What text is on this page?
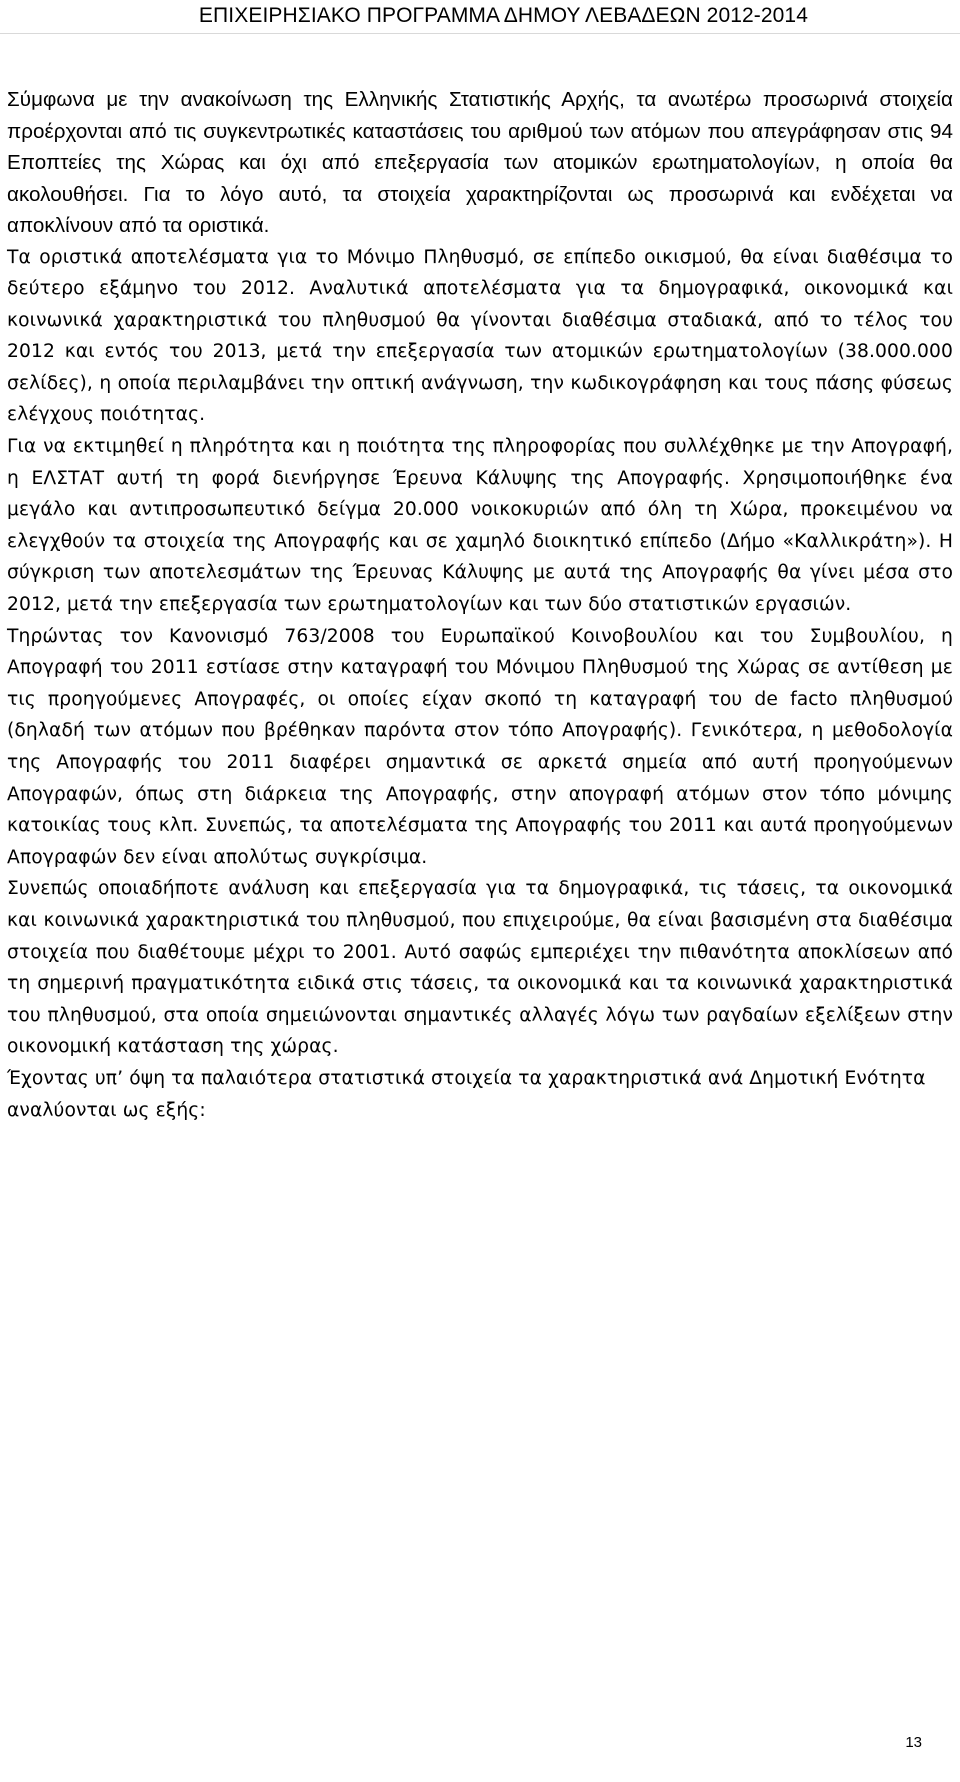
ΕΠΙΧΕΙΡΗΣΙΑΚΟ ΠΡΟΓΡΑΜΜΑ ΔΗΜΟΥ ΛΕΒΑΔΕΩΝ 2012-2014

Σύμφωνα με την ανακοίνωση της Ελληνικής Στατιστικής Αρχής, τα ανωτέρω προσωρινά στοιχεία προέρχονται από τις συγκεντρωτικές καταστάσεις του αριθμού των ατόμων που απεγράφησαν στις 94 Εποπτείες της Χώρας και όχι από επεξεργασία των ατομικών ερωτηματολογίων, η οποία θα ακολουθήσει. Για το λόγο αυτό, τα στοιχεία χαρακτηρίζονται ως προσωρινά και ενδέχεται να αποκλίνουν από τα οριστικά.

Τα οριστικά αποτελέσματα για το Μόνιμο Πληθυσμό, σε επίπεδο οικισμού, θα είναι διαθέσιμα το δεύτερο εξάμηνο του 2012. Αναλυτικά αποτελέσματα για τα δημογραφικά, οικονομικά και κοινωνικά χαρακτηριστικά του πληθυσμού θα γίνονται διαθέσιμα σταδιακά, από το τέλος του 2012 και εντός του 2013, μετά την επεξεργασία των ατομικών ερωτηματολογίων (38.000.000 σελίδες), η οποία περιλαμβάνει την οπτική ανάγνωση, την κωδικογράφηση και τους πάσης φύσεως ελέγχους ποιότητας.

Για να εκτιμηθεί η πληρότητα και η ποιότητα της πληροφορίας που συλλέχθηκε με την Απογραφή, η ΕΛΣΤΑΤ αυτή τη φορά διενήργησε Έρευνα Κάλυψης της Απογραφής. Χρησιμοποιήθηκε ένα μεγάλο και αντιπροσωπευτικό δείγμα 20.000 νοικοκυριών από όλη τη Χώρα, προκειμένου να ελεγχθούν τα στοιχεία της Απογραφής και σε χαμηλό διοικητικό επίπεδο (Δήμο «Καλλικράτη»). Η σύγκριση των αποτελεσμάτων της Έρευνας Κάλυψης με αυτά της Απογραφής θα γίνει μέσα στο 2012, μετά την επεξεργασία των ερωτηματολογίων και των δύο στατιστικών εργασιών.

Τηρώντας τον Κανονισμό 763/2008 του Ευρωπαϊκού Κοινοβουλίου και του Συμβουλίου, η Απογραφή του 2011 εστίασε στην καταγραφή του Μόνιμου Πληθυσμού της Χώρας σε αντίθεση με τις προηγούμενες Απογραφές, οι οποίες είχαν σκοπό τη καταγραφή του de facto πληθυσμού (δηλαδή των ατόμων που βρέθηκαν παρόντα στον τόπο Απογραφής). Γενικότερα, η μεθοδολογία της Απογραφής του 2011 διαφέρει σημαντικά σε αρκετά σημεία από αυτή προηγούμενων Απογραφών, όπως στη διάρκεια της Απογραφής, στην απογραφή ατόμων στον τόπο μόνιμης κατοικίας τους κλπ. Συνεπώς, τα αποτελέσματα της Απογραφής του 2011 και αυτά προηγούμενων Απογραφών δεν είναι απολύτως συγκρίσιμα.

Συνεπώς οποιαδήποτε ανάλυση και επεξεργασία για τα δημογραφικά, τις τάσεις, τα οικονομικά και κοινωνικά χαρακτηριστικά του πληθυσμού, που επιχειρούμε, θα είναι βασισμένη στα διαθέσιμα στοιχεία που διαθέτουμε μέχρι το 2001. Αυτό σαφώς εμπεριέχει την πιθανότητα αποκλίσεων από τη σημερινή πραγματικότητα ειδικά στις τάσεις, τα οικονομικά και τα κοινωνικά χαρακτηριστικά του πληθυσμού, στα οποία σημειώνονται σημαντικές αλλαγές λόγω των ραγδαίων εξελίξεων στην οικονομική κατάσταση της χώρας.

Έχοντας υπ’ όψη τα παλαιότερα στατιστικά στοιχεία τα χαρακτηριστικά ανά Δημοτική Ενότητα αναλύονται ως εξής:

13
